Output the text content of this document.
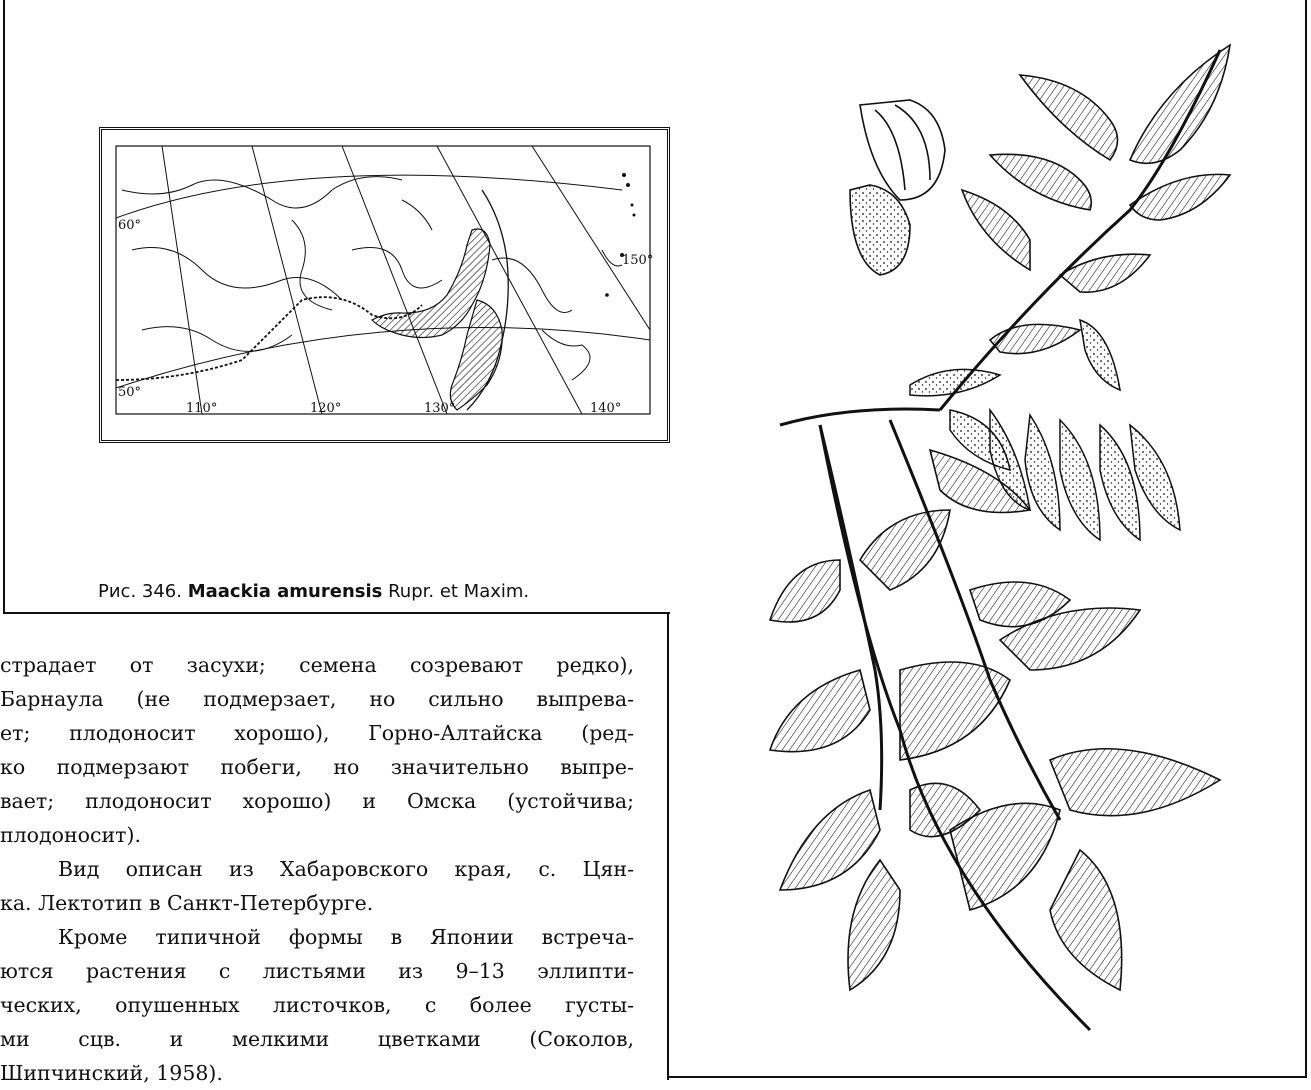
60°
50°
110°	120°	130°	140°
150°
Рис. 346. Maackia amurensis Rupr. et Maxim.

страдает от засухи; семена созревают редко),
Барнаула (не подмерзает, но сильно выпрева-
ет; плодоносит хорошо), Горно-Алтайска (ред-
ко подмерзают побеги, но значительно выпре-
вает; плодоносит хорошо) и Омска (устойчива;
плодоносит).

Вид описан из Хабаровского края, с. Цян-
ка. Лектотип в Санкт-Петербурге.

Кроме типичной формы в Японии встреча-
ются растения с листьями из 9–13 эллипти-
ческих, опушенных листочков, с более густы-
ми сцв. и мелкими цветками (Соколов,
Шипчинский, 1958).
